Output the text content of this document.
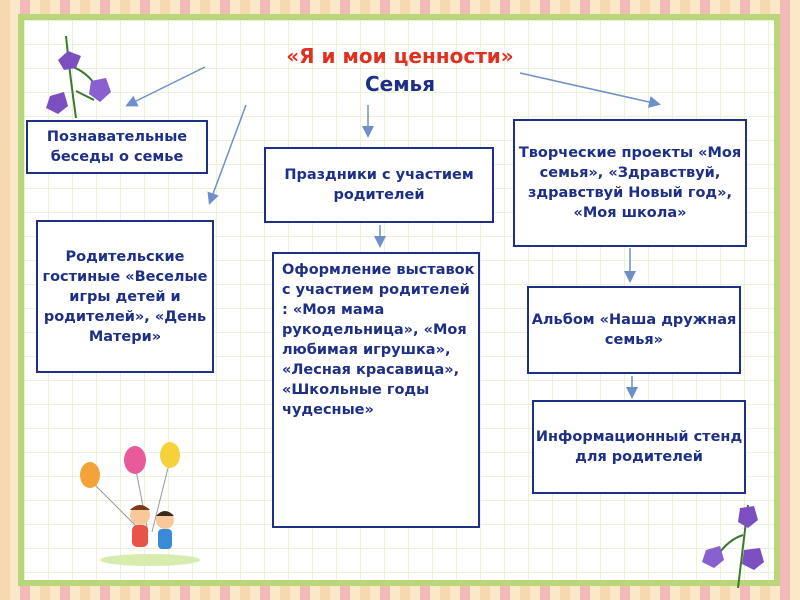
«Я и мои ценности»
Семья
Познавательные беседы о семье
Праздники с участием родителей
Творческие проекты «Моя семья», «Здравствуй, здравствуй Новый год», «Моя школа»
Родительские гостиные «Веселые игры детей и родителей», «День Матери»
Оформление выставок с участием родителей : «Моя мама рукодельница», «Моя любимая игрушка», «Лесная красавица», «Школьные годы чудесные»
Альбом «Наша дружная семья»
Информационный стенд для родителей
